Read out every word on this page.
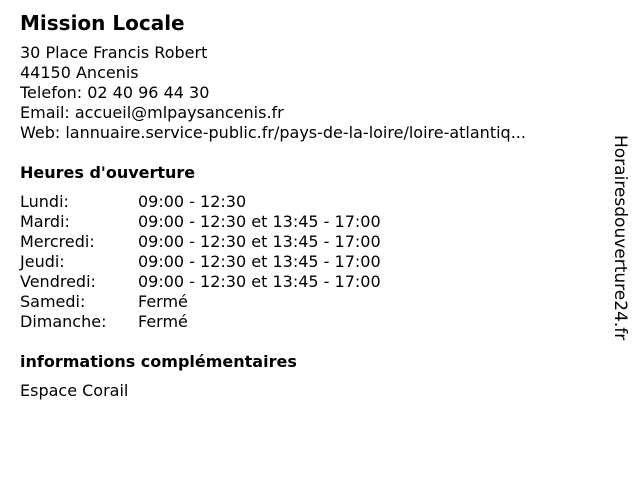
Mission Locale
30 Place Francis Robert
44150 Ancenis
Telefon: 02 40 96 44 30
Email: accueil@mlpaysancenis.fr
Web: lannuaire.service-public.fr/pays-de-la-loire/loire-atlantiq...
Heures d'ouverture
Lundi:	09:00 - 12:30
Mardi:	09:00 - 12:30 et 13:45 - 17:00
Mercredi:	09:00 - 12:30 et 13:45 - 17:00
Jeudi:	09:00 - 12:30 et 13:45 - 17:00
Vendredi:	09:00 - 12:30 et 13:45 - 17:00
Samedi:	Fermé
Dimanche:	Fermé
informations complémentaires
Espace Corail
Horairesdouverture24.fr
